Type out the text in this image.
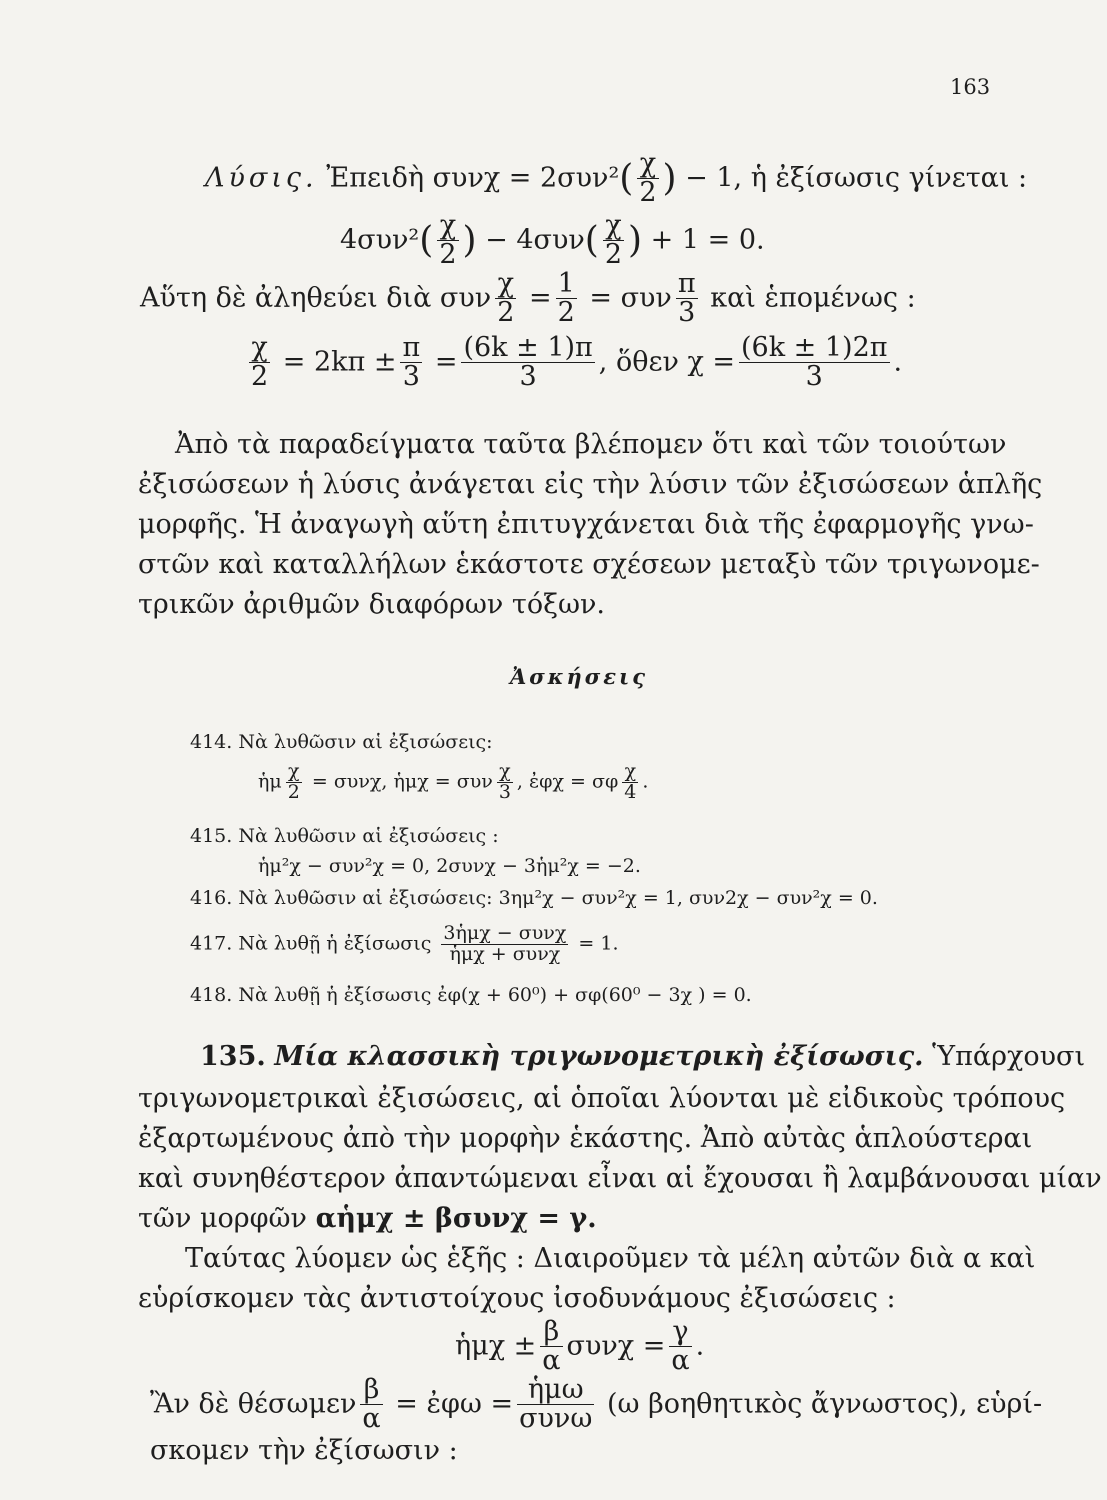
163
Λύσις. Ἐπειδὴ $\sigma\upsilon\nu\chi = 2\sigma\upsilon\nu^2( \frac{\chi}{2}$ ) − 1, ἡ ἐξίσωσις γίνεται :
$4\sigma\upsilon\nu^2( \frac{\chi}{2}$ ) − $4\sigma\upsilon\nu( \frac{\chi}{2}$ ) + 1 = 0.
Αὕτη δὲ ἀληθεύει διὰ συν $\frac{\chi}{2} = \frac{1}{2} = \sigma\upsilon\nu \frac{\pi}{3}$ καὶ ἑπομένως :
$\frac{\chi}{2} = 2k\pi \pm \frac{\pi}{3} = \frac{(6k \pm 1)\pi}{3}$ , ὅθεν $\chi = \frac{(6k \pm 1)2\pi}{3}$ .
Ἀπὸ τὰ παραδείγματα ταῦτα βλέπομεν ὅτι καὶ τῶν τοιούτων
ἐξισώσεων ἡ λύσις ἀνάγεται εἰς τὴν λύσιν τῶν ἐξισώσεων ἁπλῆς
μορφῆς. Ἡ ἀναγωγὴ αὕτη ἐπιτυγχάνεται διὰ τῆς ἐφαρμογῆς γνω-
στῶν καὶ καταλλήλων ἑκάστοτε σχέσεων μεταξὺ τῶν τριγωνομε-
τρικῶν ἀριθμῶν διαφόρων τόξων.
Ἀσκήσεις
414. Νὰ λυθῶσιν αἱ ἐξισώσεις:
ἡμ $\frac{\chi}{2} = \sigma\upsilon\nu\chi$, ἡμχ = συν $\frac{\chi}{3}$ , ἐφχ = σφ $\frac{\chi}{4}$ .
415. Νὰ λυθῶσιν αἱ ἐξισώσεις :
ἡμ²χ − συν²χ = 0, 2συνχ − 3ἡμ²χ = −2.
416. Νὰ λυθῶσιν αἱ ἐξισώσεις: 3ημ²χ − συν²χ = 1, συν2χ − συν²χ = 0.
417. Νὰ λυθῇ ἡ ἐξίσωσις $\frac{\text{3ἡμχ − συνχ}}{\text{ἡμχ + συνχ}} = 1$.
418. Νὰ λυθῇ ἡ ἐξίσωσις ἐφ(χ + 60⁰) + σφ(60⁰ − 3χ ) = 0.
135. Μία κλασσικὴ τριγωνομετρικὴ ἐξίσωσις. Ὑπάρχουσι
τριγωνομετρικαὶ ἐξισώσεις, αἱ ὁποῖαι λύονται μὲ εἰδικοὺς τρόπους
ἐξαρτωμένους ἀπὸ τὴν μορφὴν ἑκάστης. Ἀπὸ αὐτὰς ἁπλούστεραι
καὶ συνηθέστερον ἀπαντώμεναι εἶναι αἱ ἔχουσαι ἢ λαμβάνουσαι μίαν
τῶν μορφῶν αἡμχ ± βσυνχ = γ.
Ταύτας λύομεν ὡς ἑξῆς : Διαιροῦμεν τὰ μέλη αὐτῶν διὰ α καὶ
εὑρίσκομεν τὰς ἀντιστοίχους ἰσοδυνάμους ἐξισώσεις :
ἡμχ ± $\frac{\beta}{\alpha}$ $\sigma\upsilon\nu\chi = \frac{\gamma}{\alpha}$ .
Ἂν δὲ θέσωμεν $\frac{\beta}{\alpha}$ = ἐφω = $\frac{\text{ἡμω}}{\text{συνω}} (\omega$ βοηθητικὸς ἄγνωστος), εὑρί-
σκομεν τὴν ἐξίσωσιν :
